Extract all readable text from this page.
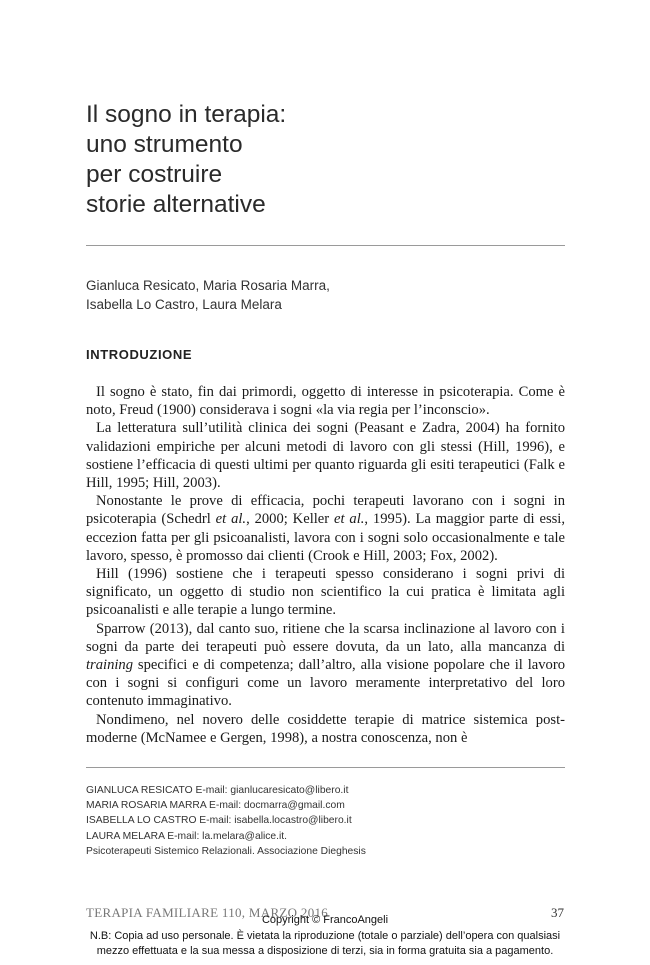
Il sogno in terapia:
uno strumento
per costruire
storie alternative
Gianluca Resicato, Maria Rosaria Marra,
Isabella Lo Castro, Laura Melara
INTRODUZIONE

Il sogno è stato, fin dai primordi, oggetto di interesse in psicoterapia. Come è noto, Freud (1900) considerava i sogni «la via regia per l’inconscio».

La letteratura sull’utilità clinica dei sogni (Peasant e Zadra, 2004) ha fornito validazioni empiriche per alcuni metodi di lavoro con gli stessi (Hill, 1996), e sostiene l’efficacia di questi ultimi per quanto riguarda gli esiti terapeutici (Falk e Hill, 1995; Hill, 2003).

Nonostante le prove di efficacia, pochi terapeuti lavorano con i sogni in psicoterapia (Schedrl et al., 2000; Keller et al., 1995). La maggior parte di essi, eccezion fatta per gli psicoanalisti, lavora con i sogni solo occasionalmente e tale lavoro, spesso, è promosso dai clienti (Crook e Hill, 2003; Fox, 2002).

Hill (1996) sostiene che i terapeuti spesso considerano i sogni privi di significato, un oggetto di studio non scientifico la cui pratica è limitata agli psicoanalisti e alle terapie a lungo termine.

Sparrow (2013), dal canto suo, ritiene che la scarsa inclinazione al lavoro con i sogni da parte dei terapeuti può essere dovuta, da un lato, alla mancanza di training specifici e di competenza; dall’altro, alla visione popolare che il lavoro con i sogni si configuri come un lavoro meramente interpretativo del loro contenuto immaginativo.

Nondimeno, nel novero delle cosiddette terapie di matrice sistemica post-moderne (McNamee e Gergen, 1998), a nostra conoscenza, non è

GIANLUCA RESICATO E-mail: gianlucaresicato@libero.it
MARIA ROSARIA MARRA E-mail: docmarra@gmail.com
ISABELLA LO CASTRO E-mail: isabella.locastro@libero.it
LAURA MELARA E-mail: la.melara@alice.it.
Psicoterapeuti Sistemico Relazionali. Associazione Dieghesis
TERAPIA FAMILIARE 110, MARZO 2016	37
Copyright © FrancoAngeli
N.B: Copia ad uso personale. È vietata la riproduzione (totale o parziale) dell’opera con qualsiasi
mezzo effettuata e la sua messa a disposizione di terzi, sia in forma gratuita sia a pagamento.
